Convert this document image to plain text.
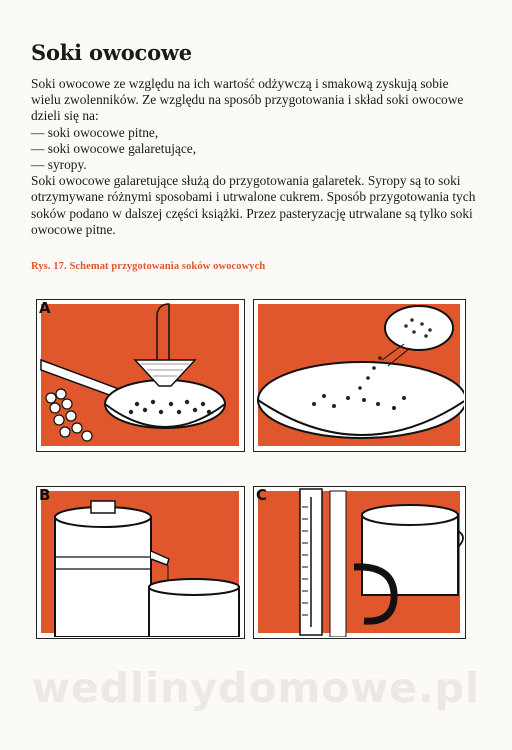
Soki owocowe

Soki owocowe ze względu na ich wartość odżywczą i smakową zyskują sobie wielu zwolenników. Ze względu na sposób przygotowania i skład soki owocowe dzieli się na:

— soki owocowe pitne,
— soki owocowe galaretujące,
— syropy.

Soki owocowe galaretujące służą do przygotowania galaretek. Syropy są to soki otrzymywane różnymi sposobami i utrwalone cukrem. Sposób przygotowania tych soków podano w dalszej części książki. Przez pasteryzację utrwalane są tylko soki owocowe pitne.

Rys. 17. Schemat przygotowania soków owocowych
A
B	C
wedlinydomowe.pl
